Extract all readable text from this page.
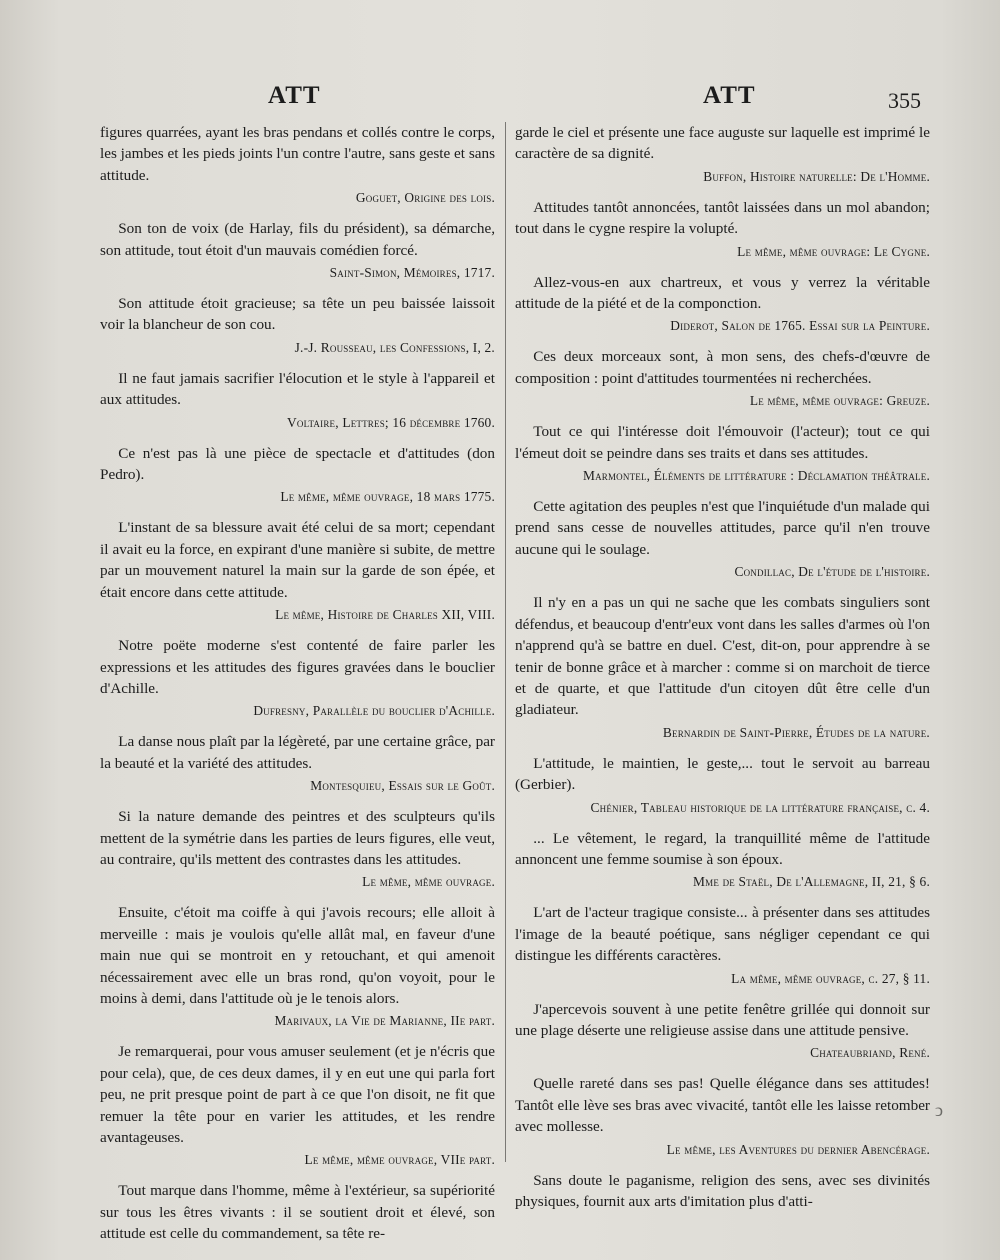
ATT	ATT	355

figures quarrées, ayant les bras pendans et collés contre le corps, les jambes et les pieds joints l'un contre l'autre, sans geste et sans attitude.

Goguet, Origine des lois.

Son ton de voix (de Harlay, fils du président), sa démarche, son attitude, tout étoit d'un mauvais comédien forcé.

Saint-Simon, Mémoires, 1717.

Son attitude étoit gracieuse; sa tête un peu baissée laissoit voir la blancheur de son cou.

J.-J. Rousseau, les Confessions, I, 2.

Il ne faut jamais sacrifier l'élocution et le style à l'appareil et aux attitudes.

Voltaire, Lettres; 16 décembre 1760.

Ce n'est pas là une pièce de spectacle et d'attitudes (don Pedro).

Le même, même ouvrage, 18 mars 1775.

L'instant de sa blessure avait été celui de sa mort; cependant il avait eu la force, en expirant d'une manière si subite, de mettre par un mouvement naturel la main sur la garde de son épée, et était encore dans cette attitude.

Le même, Histoire de Charles XII, VIII.

Notre poëte moderne s'est contenté de faire parler les expressions et les attitudes des figures gravées dans le bouclier d'Achille.

Dufresny, Parallèle du bouclier d'Achille.

La danse nous plaît par la légèreté, par une certaine grâce, par la beauté et la variété des attitudes.

Montesquieu, Essais sur le Goût.

Si la nature demande des peintres et des sculpteurs qu'ils mettent de la symétrie dans les parties de leurs figures, elle veut, au contraire, qu'ils mettent des contrastes dans les attitudes.

Le même, même ouvrage.

Ensuite, c'étoit ma coiffe à qui j'avois recours; elle alloit à merveille : mais je voulois qu'elle allât mal, en faveur d'une main nue qui se montroit en y retouchant, et qui amenoit nécessairement avec elle un bras rond, qu'on voyoit, pour le moins à demi, dans l'attitude où je le tenois alors.

Marivaux, la Vie de Marianne, IIe part.

Je remarquerai, pour vous amuser seulement (et je n'écris que pour cela), que, de ces deux dames, il y en eut une qui parla fort peu, ne prit presque point de part à ce que l'on disoit, ne fit que remuer la tête pour en varier les attitudes, et les rendre avantageuses.

Le même, même ouvrage, VIIe part.

Tout marque dans l'homme, même à l'extérieur, sa supériorité sur tous les êtres vivants : il se soutient droit et élevé, son attitude est celle du commandement, sa tête re-

garde le ciel et présente une face auguste sur laquelle est imprimé le caractère de sa dignité.

Buffon, Histoire naturelle: De l'Homme.

Attitudes tantôt annoncées, tantôt laissées dans un mol abandon; tout dans le cygne respire la volupté.

Le même, même ouvrage: Le Cygne.

Allez-vous-en aux chartreux, et vous y verrez la véritable attitude de la piété et de la componction.

Diderot, Salon de 1765. Essai sur la Peinture.

Ces deux morceaux sont, à mon sens, des chefs-d'œuvre de composition : point d'attitudes tourmentées ni recherchées.

Le même, même ouvrage: Greuze.

Tout ce qui l'intéresse doit l'émouvoir (l'acteur); tout ce qui l'émeut doit se peindre dans ses traits et dans ses attitudes.

Marmontel, Éléments de littérature : Déclamation théâtrale.

Cette agitation des peuples n'est que l'inquiétude d'un malade qui prend sans cesse de nouvelles attitudes, parce qu'il n'en trouve aucune qui le soulage.

Condillac, De l'étude de l'histoire.

Il n'y en a pas un qui ne sache que les combats singuliers sont défendus, et beaucoup d'entr'eux vont dans les salles d'armes où l'on n'apprend qu'à se battre en duel. C'est, dit-on, pour apprendre à se tenir de bonne grâce et à marcher : comme si on marchoit de tierce et de quarte, et que l'attitude d'un citoyen dût être celle d'un gladiateur.

Bernardin de Saint-Pierre, Études de la nature.

L'attitude, le maintien, le geste,... tout le servoit au barreau (Gerbier).

Chénier, Tableau historique de la littérature française, c. 4.

... Le vêtement, le regard, la tranquillité même de l'attitude annoncent une femme soumise à son époux.

Mme de Staël, De l'Allemagne, II, 21, § 6.

L'art de l'acteur tragique consiste... à présenter dans ses attitudes l'image de la beauté poétique, sans négliger cependant ce qui distingue les différents caractères.

La même, même ouvrage, c. 27, § 11.

J'apercevois souvent à une petite fenêtre grillée qui donnoit sur une plage déserte une religieuse assise dans une attitude pensive.

Chateaubriand, René.

Quelle rareté dans ses pas! Quelle élégance dans ses attitudes! Tantôt elle lève ses bras avec vivacité, tantôt elle les laisse retomber avec mollesse.

Le même, les Aventures du dernier Abencérage.

Sans doute le paganisme, religion des sens, avec ses divinités physiques, fournit aux arts d'imitation plus d'atti-

ↄ
